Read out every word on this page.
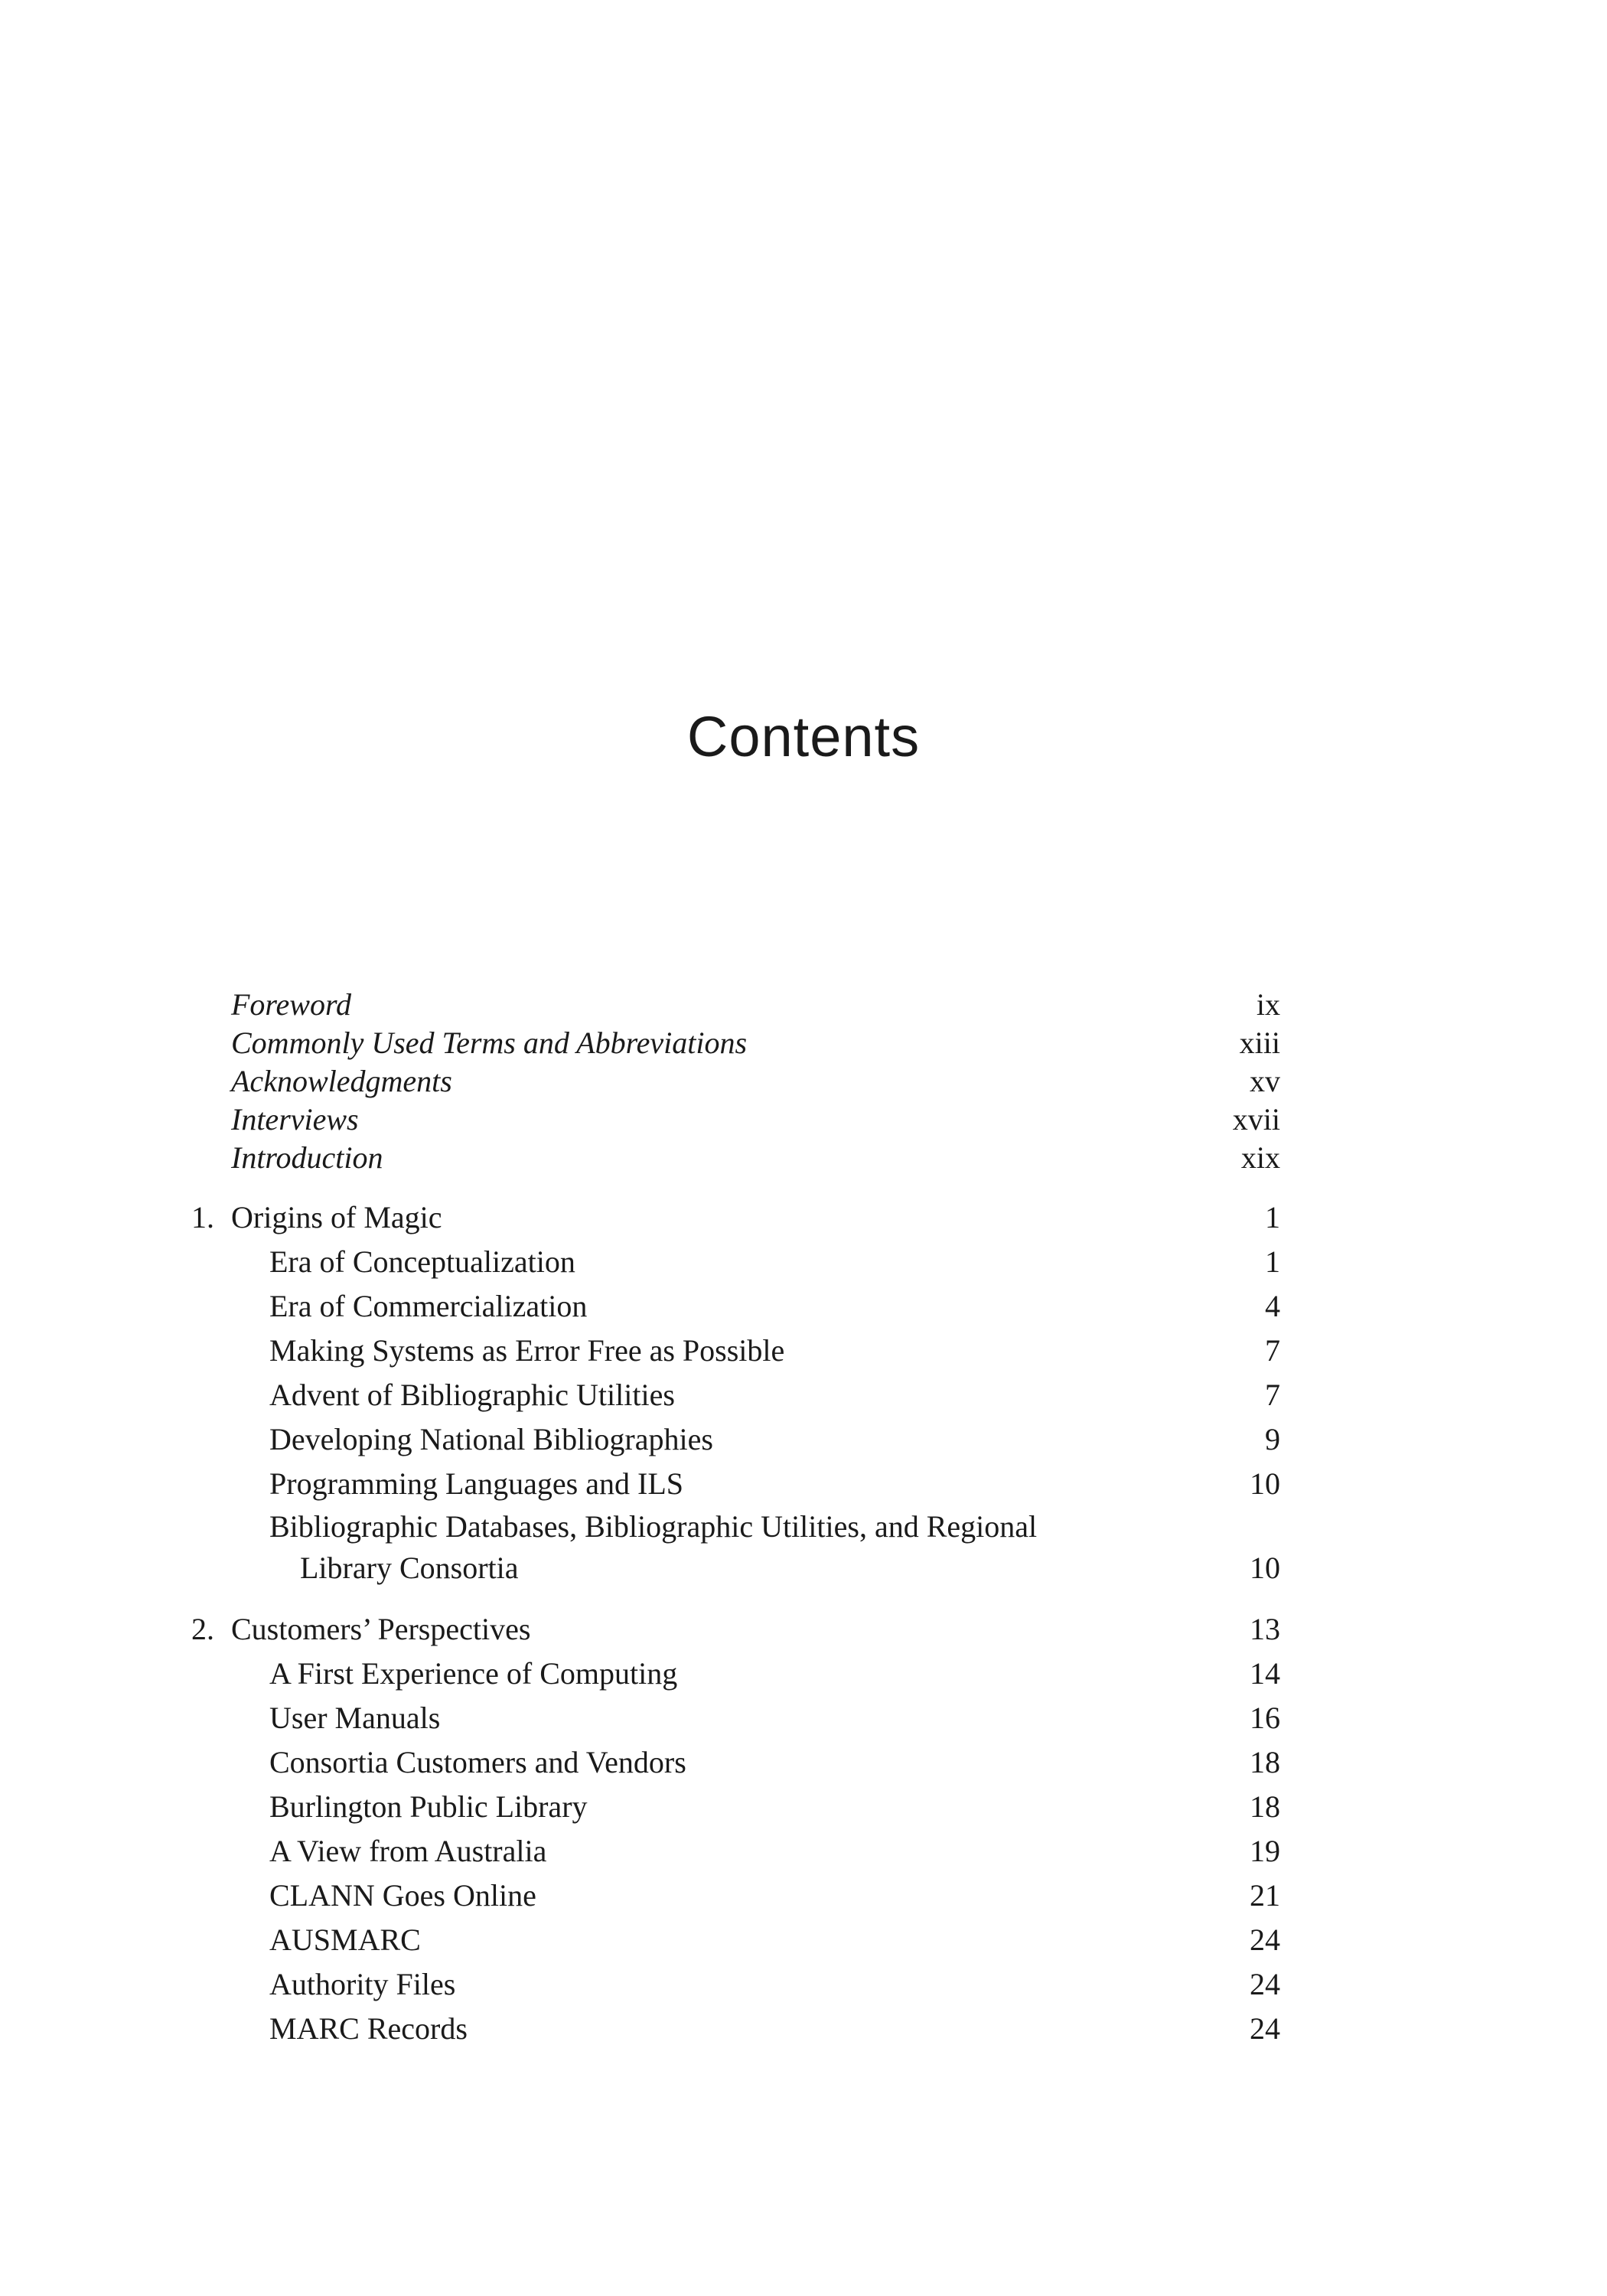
Contents
Foreword	ix
Commonly Used Terms and Abbreviations	xiii
Acknowledgments	xv
Interviews	xvii
Introduction	xix
1. Origins of Magic	1
Era of Conceptualization	1
Era of Commercialization	4
Making Systems as Error Free as Possible	7
Advent of Bibliographic Utilities	7
Developing National Bibliographies	9
Programming Languages and ILS	10
Bibliographic Databases, Bibliographic Utilities, and Regional
Library Consortia	10
2. Customers’ Perspectives	13
A First Experience of Computing	14
User Manuals	16
Consortia Customers and Vendors	18
Burlington Public Library	18
A View from Australia	19
CLANN Goes Online	21
AUSMARC	24
Authority Files	24
MARC Records	24
